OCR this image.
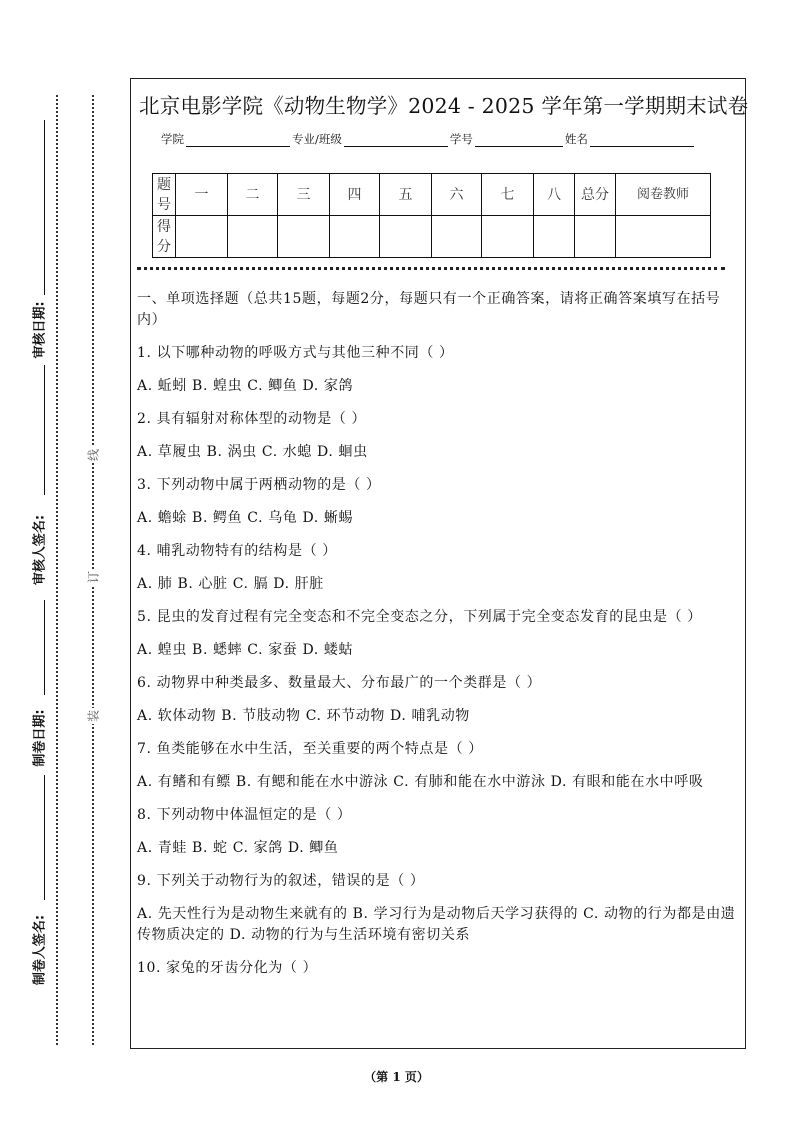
审核日期:
审核人签名:
制卷日期:
制卷人签名:
线
订
装
北京电影学院《动物生物学》2024 - 2025 学年第一学期期末试卷
学院	专业/班级	学号	姓名
题号	一	二	三	四	五	六	七	八	总分	阅卷教师
得分										

一、单项选择题（总共15题，每题2分，每题只有一个正确答案，请将正确答案填写在括号内）

1. 以下哪种动物的呼吸方式与其他三种不同（ ）

A. 蚯蚓 B. 蝗虫 C. 鲫鱼 D. 家鸽

2. 具有辐射对称体型的动物是（ ）

A. 草履虫 B. 涡虫 C. 水螅 D. 蛔虫

3. 下列动物中属于两栖动物的是（ ）

A. 蟾蜍 B. 鳄鱼 C. 乌龟 D. 蜥蜴

4. 哺乳动物特有的结构是（ ）

A. 肺 B. 心脏 C. 膈 D. 肝脏

5. 昆虫的发育过程有完全变态和不完全变态之分，下列属于完全变态发育的昆虫是（ ）

A. 蝗虫 B. 蟋蟀 C. 家蚕 D. 蝼蛄

6. 动物界中种类最多、数量最大、分布最广的一个类群是（ ）

A. 软体动物 B. 节肢动物 C. 环节动物 D. 哺乳动物

7. 鱼类能够在水中生活，至关重要的两个特点是（ ）

A. 有鳍和有鳔 B. 有鳃和能在水中游泳 C. 有肺和能在水中游泳 D. 有眼和能在水中呼吸

8. 下列动物中体温恒定的是（ ）

A. 青蛙 B. 蛇 C. 家鸽 D. 鲫鱼

9. 下列关于动物行为的叙述，错误的是（ ）

A. 先天性行为是动物生来就有的 B. 学习行为是动物后天学习获得的 C. 动物的行为都是由遗传物质决定的 D. 动物的行为与生活环境有密切关系

10. 家兔的牙齿分化为（ ）

（第 1 页）
